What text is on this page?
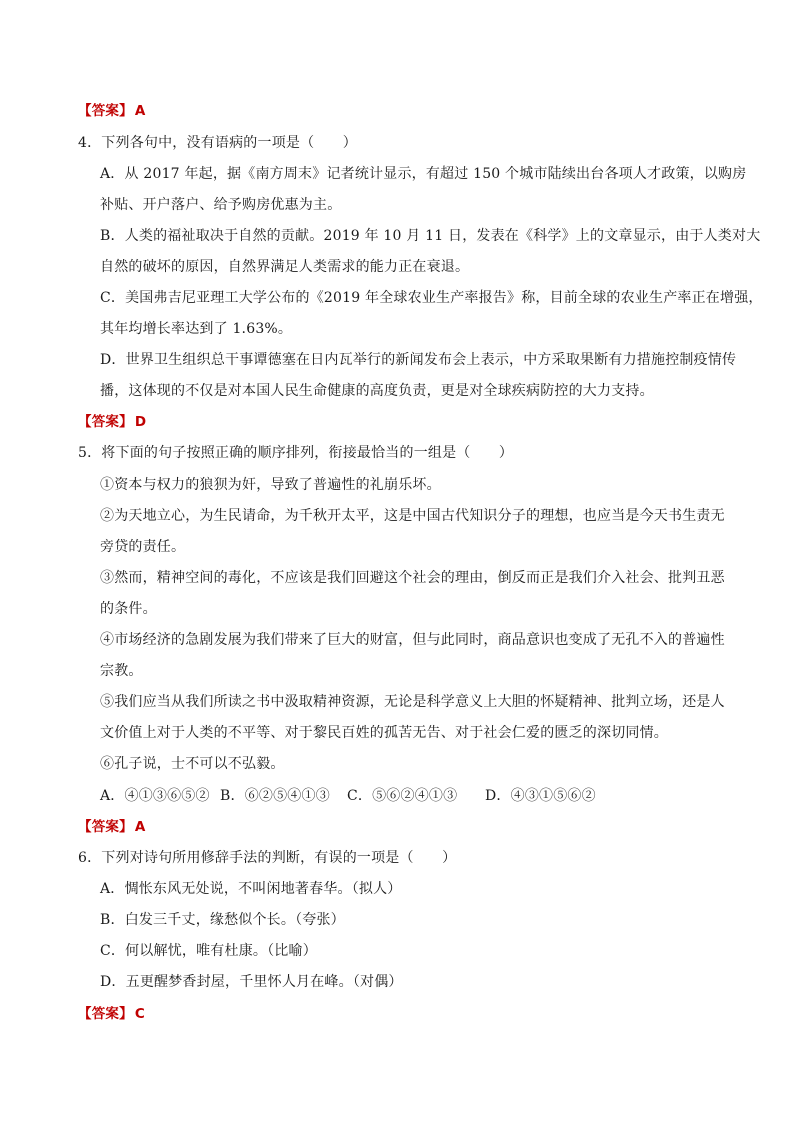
【答案】 A
4．下列各句中，没有语病的一项是（　　）
A．从 2017 年起，据《南方周末》记者统计显示，有超过 150 个城市陆续出台各项人才政策，以购房
补贴、开户落户、给予购房优惠为主。
B．人类的福祉取决于自然的贡献。2019 年 10 月 11 日，发表在《科学》上的文章显示，由于人类对大
自然的破坏的原因，自然界满足人类需求的能力正在衰退。
C．美国弗吉尼亚理工大学公布的《2019 年全球农业生产率报告》称，目前全球的农业生产率正在增强，
其年均增长率达到了 1.63%。
D．世界卫生组织总干事谭德塞在日内瓦举行的新闻发布会上表示，中方采取果断有力措施控制疫情传
播，这体现的不仅是对本国人民生命健康的高度负责，更是对全球疾病防控的大力支持。
【答案】 D
5．将下面的句子按照正确的顺序排列，衔接最恰当的一组是（　　）
①资本与权力的狼狈为奸，导致了普遍性的礼崩乐坏。
②为天地立心，为生民请命，为千秋开太平，这是中国古代知识分子的理想，也应当是今天书生责无
旁贷的责任。
③然而，精神空间的毒化，不应该是我们回避这个社会的理由，倒反而正是我们介入社会、批判丑恶
的条件。
④市场经济的急剧发展为我们带来了巨大的财富，但与此同时，商品意识也变成了无孔不入的普遍性
宗教。
⑤我们应当从我们所读之书中汲取精神资源，无论是科学意义上大胆的怀疑精神、批判立场，还是人
文价值上对于人类的不平等、对于黎民百姓的孤苦无告、对于社会仁爱的匮乏的深切同情。
⑥孔子说，士不可以不弘毅。
A．④①③⑥⑤② B．⑥②⑤④①③ C．⑤⑥②④①③ D．④③①⑤⑥②
【答案】 A
6．下列对诗句所用修辞手法的判断，有误的一项是（　　）
A．惆怅东风无处说，不叫闲地著春华。（拟人）
B．白发三千丈，缘愁似个长。（夸张）
C．何以解忧，唯有杜康。（比喻）
D．五更醒梦香封屋，千里怀人月在峰。（对偶）
【答案】 C
